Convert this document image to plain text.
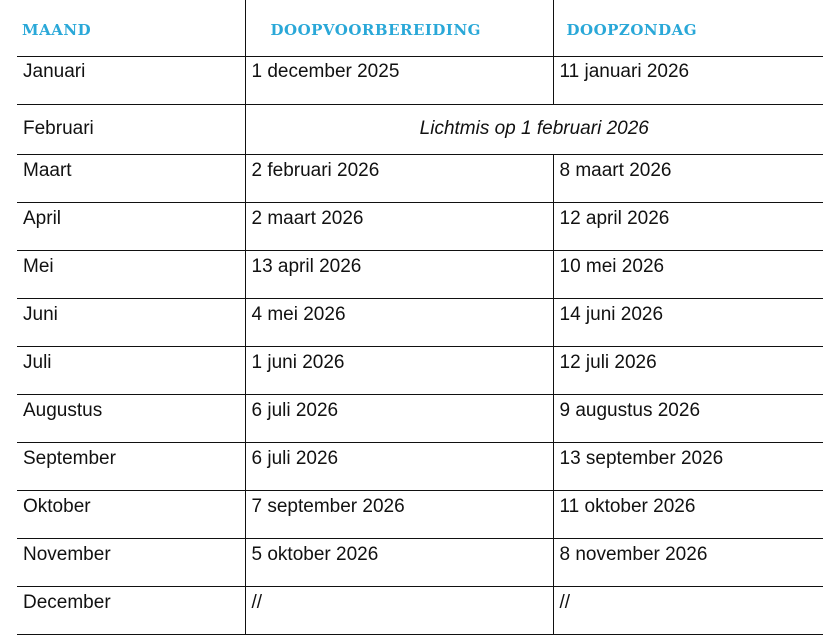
maand	doopvoorbereiding	doopzondag
Januari	1 december 2025	11 januari 2026
Februari	Lichtmis op 1 februari 2026	
Maart	2 februari 2026	8 maart 2026
April	2 maart 2026	12 april 2026
Mei	13 april 2026	10 mei 2026
Juni	4 mei 2026	14 juni 2026
Juli	1 juni 2026	12 juli 2026
Augustus	6 juli 2026	9 augustus 2026
September	6 juli 2026	13 september 2026
Oktober	7 september 2026	11 oktober 2026
November	5 oktober 2026	8 november 2026
December	//	//
